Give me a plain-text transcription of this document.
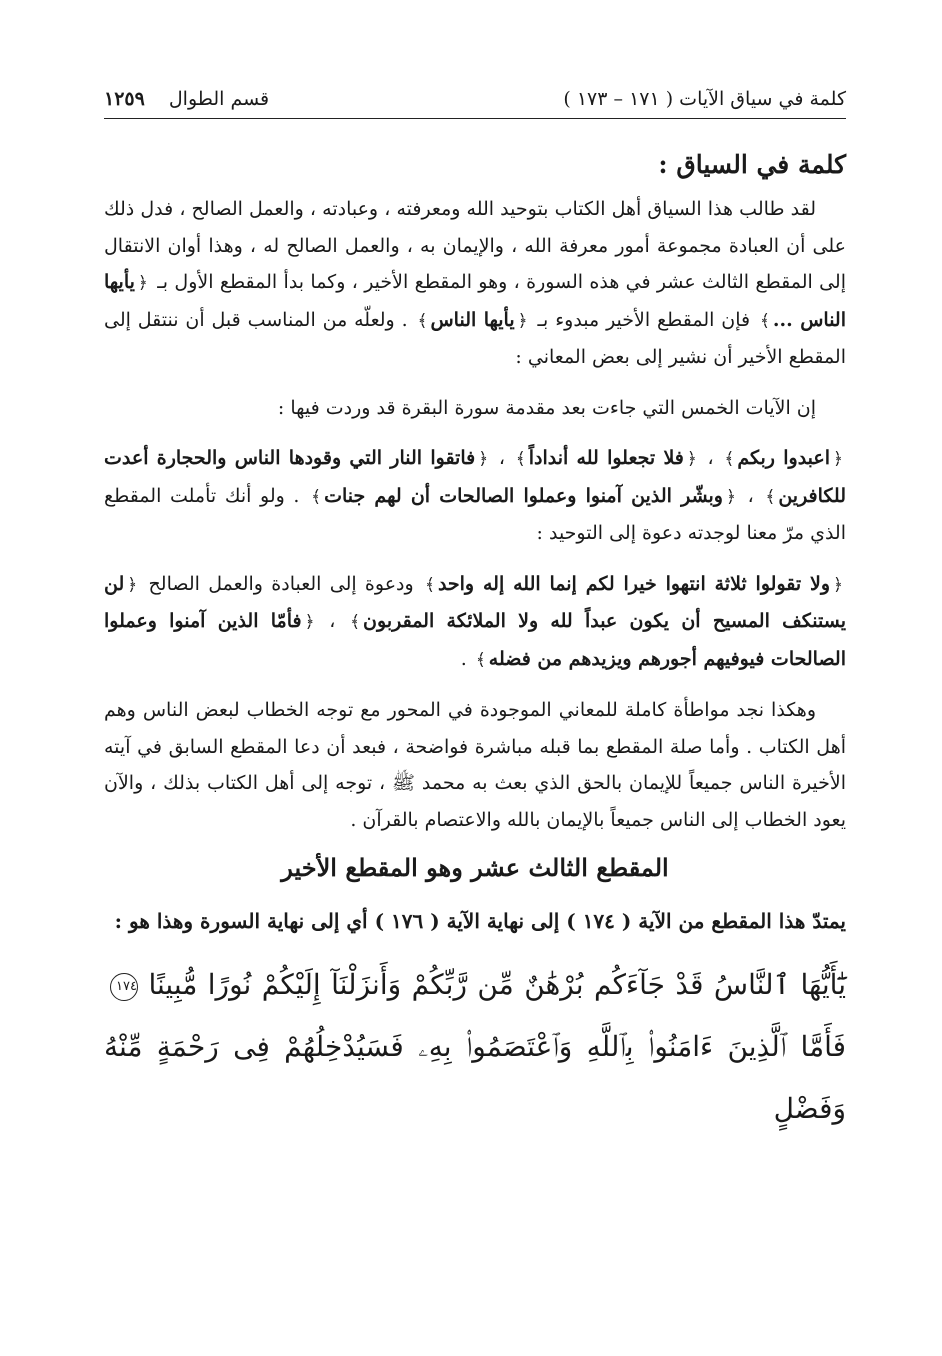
كلمة في سياق الآيات ( ١٧١ – ١٧٣ )
قسم الطوال ١٢٥٩
كلمة في السياق :

لقد طالب هذا السياق أهل الكتاب بتوحيد الله ومعرفته ، وعبادته ، والعمل الصالح ، فدل ذلك على أن العبادة مجموعة أمور معرفة الله ، والإيمان به ، والعمل الصالح له ، وهذا أوان الانتقال إلى المقطع الثالث عشر في هذه السورة ، وهو المقطع الأخير ، وكما بدأ المقطع الأول بـ ﴿يأيها الناس ...﴾ فإن المقطع الأخير مبدوء بـ ﴿يأيها الناس﴾ . ولعلّه من المناسب قبل أن ننتقل إلى المقطع الأخير أن نشير إلى بعض المعاني :

إن الآيات الخمس التي جاءت بعد مقدمة سورة البقرة قد وردت فيها :

﴿اعبدوا ربكم﴾ ، ﴿فلا تجعلوا لله أنداداً﴾ ، ﴿فاتقوا النار التي وقودها الناس والحجارة أعدت للكافرين﴾ ، ﴿وبشّر الذين آمنوا وعملوا الصالحات أن لهم جنات﴾ . ولو أنك تأملت المقطع الذي مرّ معنا لوجدته دعوة إلى التوحيد :

﴿ولا تقولوا ثلاثة انتهوا خيرا لكم إنما الله إله واحد﴾ ودعوة إلى العبادة والعمل الصالح ﴿لن يستنكف المسيح أن يكون عبداً لله ولا الملائكة المقربون﴾ ، ﴿فأمّا الذين آمنوا وعملوا الصالحات فيوفيهم أجورهم ويزيدهم من فضله﴾ .

وهكذا نجد مواطأة كاملة للمعاني الموجودة في المحور مع توجه الخطاب لبعض الناس وهم أهل الكتاب . وأما صلة المقطع بما قبله مباشرة فواضحة ، فبعد أن دعا المقطع السابق في آيته الأخيرة الناس جميعاً للإيمان بالحق الذي بعث به محمد ﷺ ، توجه إلى أهل الكتاب بذلك ، والآن يعود الخطاب إلى الناس جميعاً بالإيمان بالله والاعتصام بالقرآن .

المقطع الثالث عشر وهو المقطع الأخير

يمتدّ هذا المقطع من الآية ( ١٧٤ ) إلى نهاية الآية ( ١٧٦ ) أي إلى نهاية السورة وهذا هو :

يَٰٓأَيُّهَا ٱلنَّاسُ قَدْ جَآءَكُم بُرْهَٰنٌ مِّن رَّبِّكُمْ وَأَنزَلْنَآ إِلَيْكُمْ نُورًا مُّبِينًا ١٧٤
فَأَمَّا ٱلَّذِينَ ءَامَنُوا۟ بِٱللَّهِ وَٱعْتَصَمُوا۟ بِهِۦ فَسَيُدْخِلُهُمْ فِى رَحْمَةٍ مِّنْهُ وَفَضْلٍ
